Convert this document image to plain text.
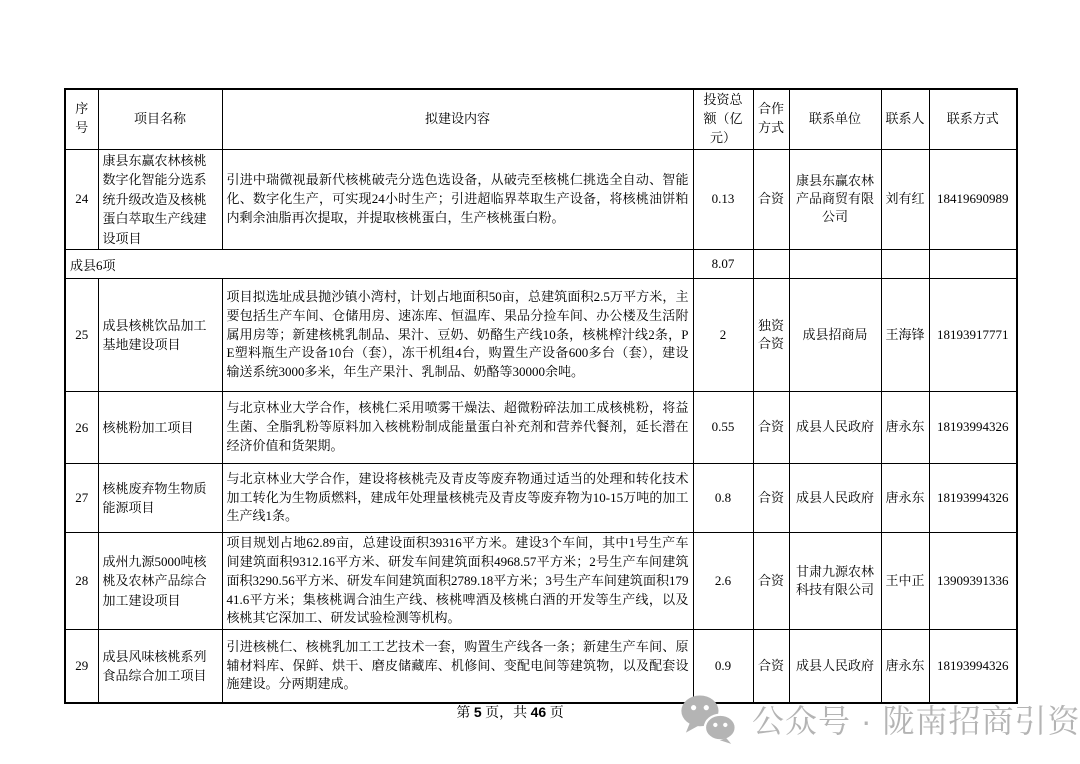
序号	项目名称	拟建设内容	投资总额（亿元）	合作方式	联系单位	联系人	联系方式
24	康县东赢农林核桃数字化智能分选系统升级改造及核桃蛋白萃取生产线建设项目	引进中瑞微视最新代核桃破壳分选色选设备，从破壳至核桃仁挑选全自动、智能化、数字化生产，可实现24小时生产；引进超临界萃取生产设备，将核桃油饼粕内剩余油脂再次提取，并提取核桃蛋白，生产核桃蛋白粉。	0.13	合资	康县东赢农林产品商贸有限公司	刘有红	18419690989
成县6项			8.07				
25	成县核桃饮品加工基地建设项目	项目拟选址成县抛沙镇小湾村，计划占地面积50亩，总建筑面积2.5万平方米，主要包括生产车间、仓储用房、速冻库、恒温库、果品分捡车间、办公楼及生活附属用房等；新建核桃乳制品、果汁、豆奶、奶酪生产线10条，核桃榨汁线2条，PE塑料瓶生产设备10台（套），冻干机组4台，购置生产设备600多台（套），建设输送系统3000多米，年生产果汁、乳制品、奶酪等30000余吨。	2	独资合资	成县招商局	王海锋	18193917771
26	核桃粉加工项目	与北京林业大学合作，核桃仁采用喷雾干燥法、超微粉碎法加工成核桃粉，将益生菌、全脂乳粉等原料加入核桃粉制成能量蛋白补充剂和营养代餐剂，延长潜在经济价值和货架期。	0.55	合资	成县人民政府	唐永东	18193994326
27	核桃废弃物生物质能源项目	与北京林业大学合作，建设将核桃壳及青皮等废弃物通过适当的处理和转化技术加工转化为生物质燃料，建成年处理量核桃壳及青皮等废弃物为10-15万吨的加工生产线1条。	0.8	合资	成县人民政府	唐永东	18193994326
28	成州九源5000吨核桃及农林产品综合加工建设项目	项目规划占地62.89亩，总建设面积39316平方米。建设3个车间，其中1号生产车间建筑面积9312.16平方米、研发车间建筑面积4968.57平方米；2号生产车间建筑面积3290.56平方米、研发车间建筑面积2789.18平方米；3号生产车间建筑面积17941.6平方米；集核桃调合油生产线、核桃啤酒及核桃白酒的开发等生产线，以及核桃其它深加工、研发试验检测等机构。	2.6	合资	甘肃九源农林科技有限公司	王中正	13909391336
29	成县风味核桃系列食品综合加工项目	引进核桃仁、核桃乳加工工艺技术一套，购置生产线各一条；新建生产车间、原辅材料库、保鲜、烘干、磨皮储藏库、机修间、变配电间等建筑物，以及配套设施建设。分两期建成。	0.9	合资	成县人民政府	唐永东	18193994326
第 5 页，共 46 页	公众号 · 陇南招商引资
